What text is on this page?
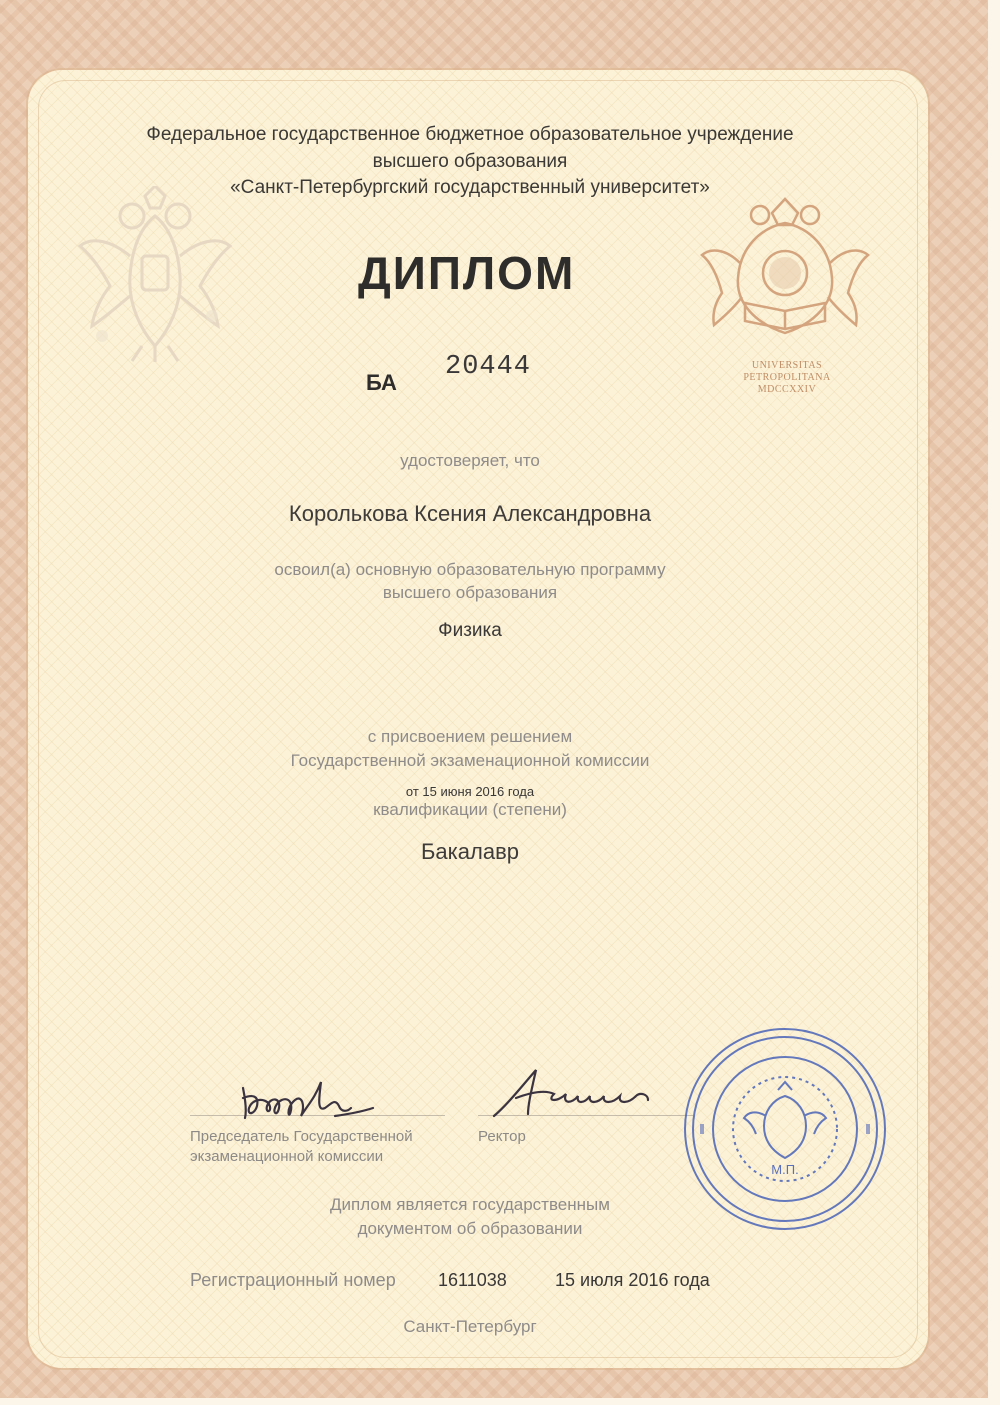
Федеральное государственное бюджетное образовательное учреждение
высшего образования
«Санкт-Петербургский государственный университет»
UNIVERSITAS
PETROPOLITANA
MDCCXXIV
ДИПЛОМ
БА
20444
удостоверяет, что
Королькова Ксения Александровна
освоил(а) основную образовательную программу
высшего образования
Физика
с присвоением решением
Государственной экзаменационной комиссии
от 15 июня 2016 года
квалификации (степени)
Бакалавр
Председатель Государственной
экзаменационной комиссии
Ректор
М.П.
Диплом является государственным
документом об образовании
Регистрационный номер 1611038	15 июля 2016 года
Санкт-Петербург
